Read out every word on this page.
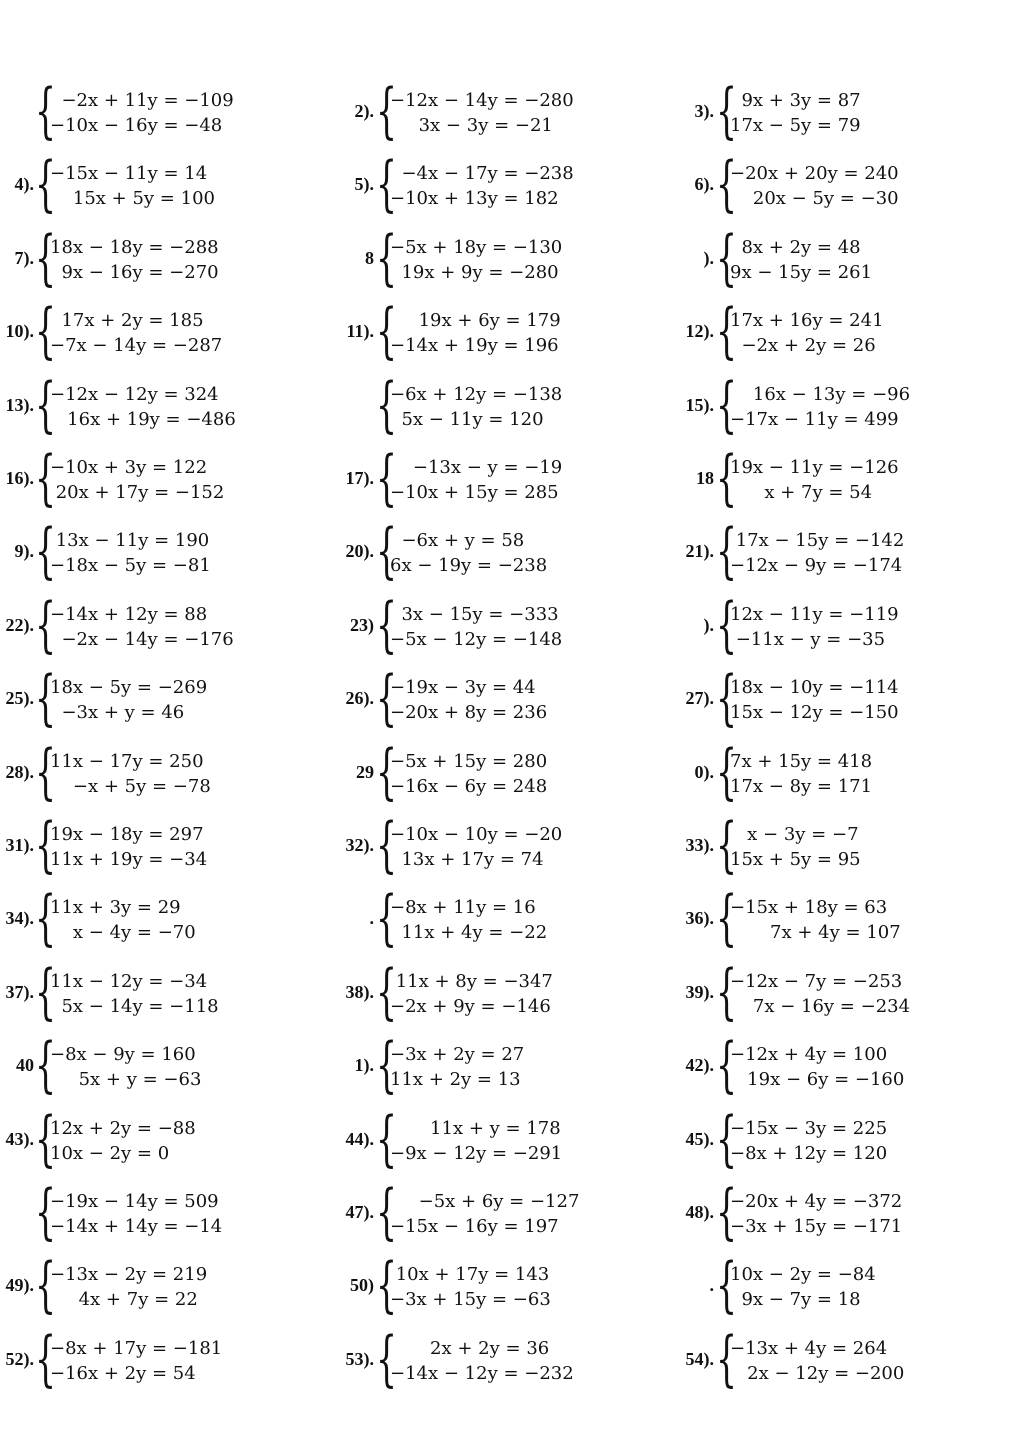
{
−2x + 11y = −109
−10x − 16y = −48
2). {
−12x − 14y = −280
3x − 3y = −21
3). {
9x + 3y = 87
17x − 5y = 79
4). {
−15x − 11y = 14
15x + 5y = 100
5). {
−4x − 17y = −238
−10x + 13y = 182
6). {
−20x + 20y = 240
20x − 5y = −30
7). {
18x − 18y = −288
9x − 16y = −270
8 {
−5x + 18y = −130
19x + 9y = −280
). {
8x + 2y = 48
9x − 15y = 261
10). {
17x + 2y = 185
−7x − 14y = −287
11). {
19x + 6y = 179
−14x + 19y = 196
12). {
17x + 16y = 241
−2x + 2y = 26
13). {
−12x − 12y = 324
16x + 19y = −486 {
−6x + 12y = −138
5x − 11y = 120
15). {
16x − 13y = −96
−17x − 11y = 499
16). {
−10x + 3y = 122
20x + 17y = −152
17). {
−13x − y = −19
−10x + 15y = 285
18 {
19x − 11y = −126
x + 7y = 54
9). {
13x − 11y = 190
−18x − 5y = −81
20). {
−6x + y = 58
6x − 19y = −238
21). {
17x − 15y = −142
−12x − 9y = −174
22). {
−14x + 12y = 88
−2x − 14y = −176
23) {
3x − 15y = −333
−5x − 12y = −148
). {
12x − 11y = −119
−11x − y = −35
25). {
18x − 5y = −269
−3x + y = 46
26). {
−19x − 3y = 44
−20x + 8y = 236
27). {
18x − 10y = −114
15x − 12y = −150
28). {
11x − 17y = 250
−x + 5y = −78
29 {
−5x + 15y = 280
−16x − 6y = 248
0). {
7x + 15y = 418
17x − 8y = 171
31). {
19x − 18y = 297
11x + 19y = −34
32). {
−10x − 10y = −20
13x + 17y = 74
33). {
x − 3y = −7
15x + 5y = 95
34). {
11x + 3y = 29
x − 4y = −70
. {
−8x + 11y = 16
11x + 4y = −22
36). {
−15x + 18y = 63
7x + 4y = 107
37). {
11x − 12y = −34
5x − 14y = −118
38). {
11x + 8y = −347
−2x + 9y = −146
39). {
−12x − 7y = −253
7x − 16y = −234
40 {
−8x − 9y = 160
5x + y = −63
1). {
−3x + 2y = 27
11x + 2y = 13
42). {
−12x + 4y = 100
19x − 6y = −160
43). {
12x + 2y = −88
10x − 2y = 0
44). {
11x + y = 178
−9x − 12y = −291
45). {
−15x − 3y = 225
−8x + 12y = 120
{
−19x − 14y = 509
−14x + 14y = −14
47). {
−5x + 6y = −127
−15x − 16y = 197
48). {
−20x + 4y = −372
−3x + 15y = −171
49). {
−13x − 2y = 219
4x + 7y = 22
50) {
10x + 17y = 143
−3x + 15y = −63
. {
10x − 2y = −84
9x − 7y = 18
52). {
−8x + 17y = −181
−16x + 2y = 54
53). {
2x + 2y = 36
−14x − 12y = −232
54). {
−13x + 4y = 264
2x − 12y = −200
